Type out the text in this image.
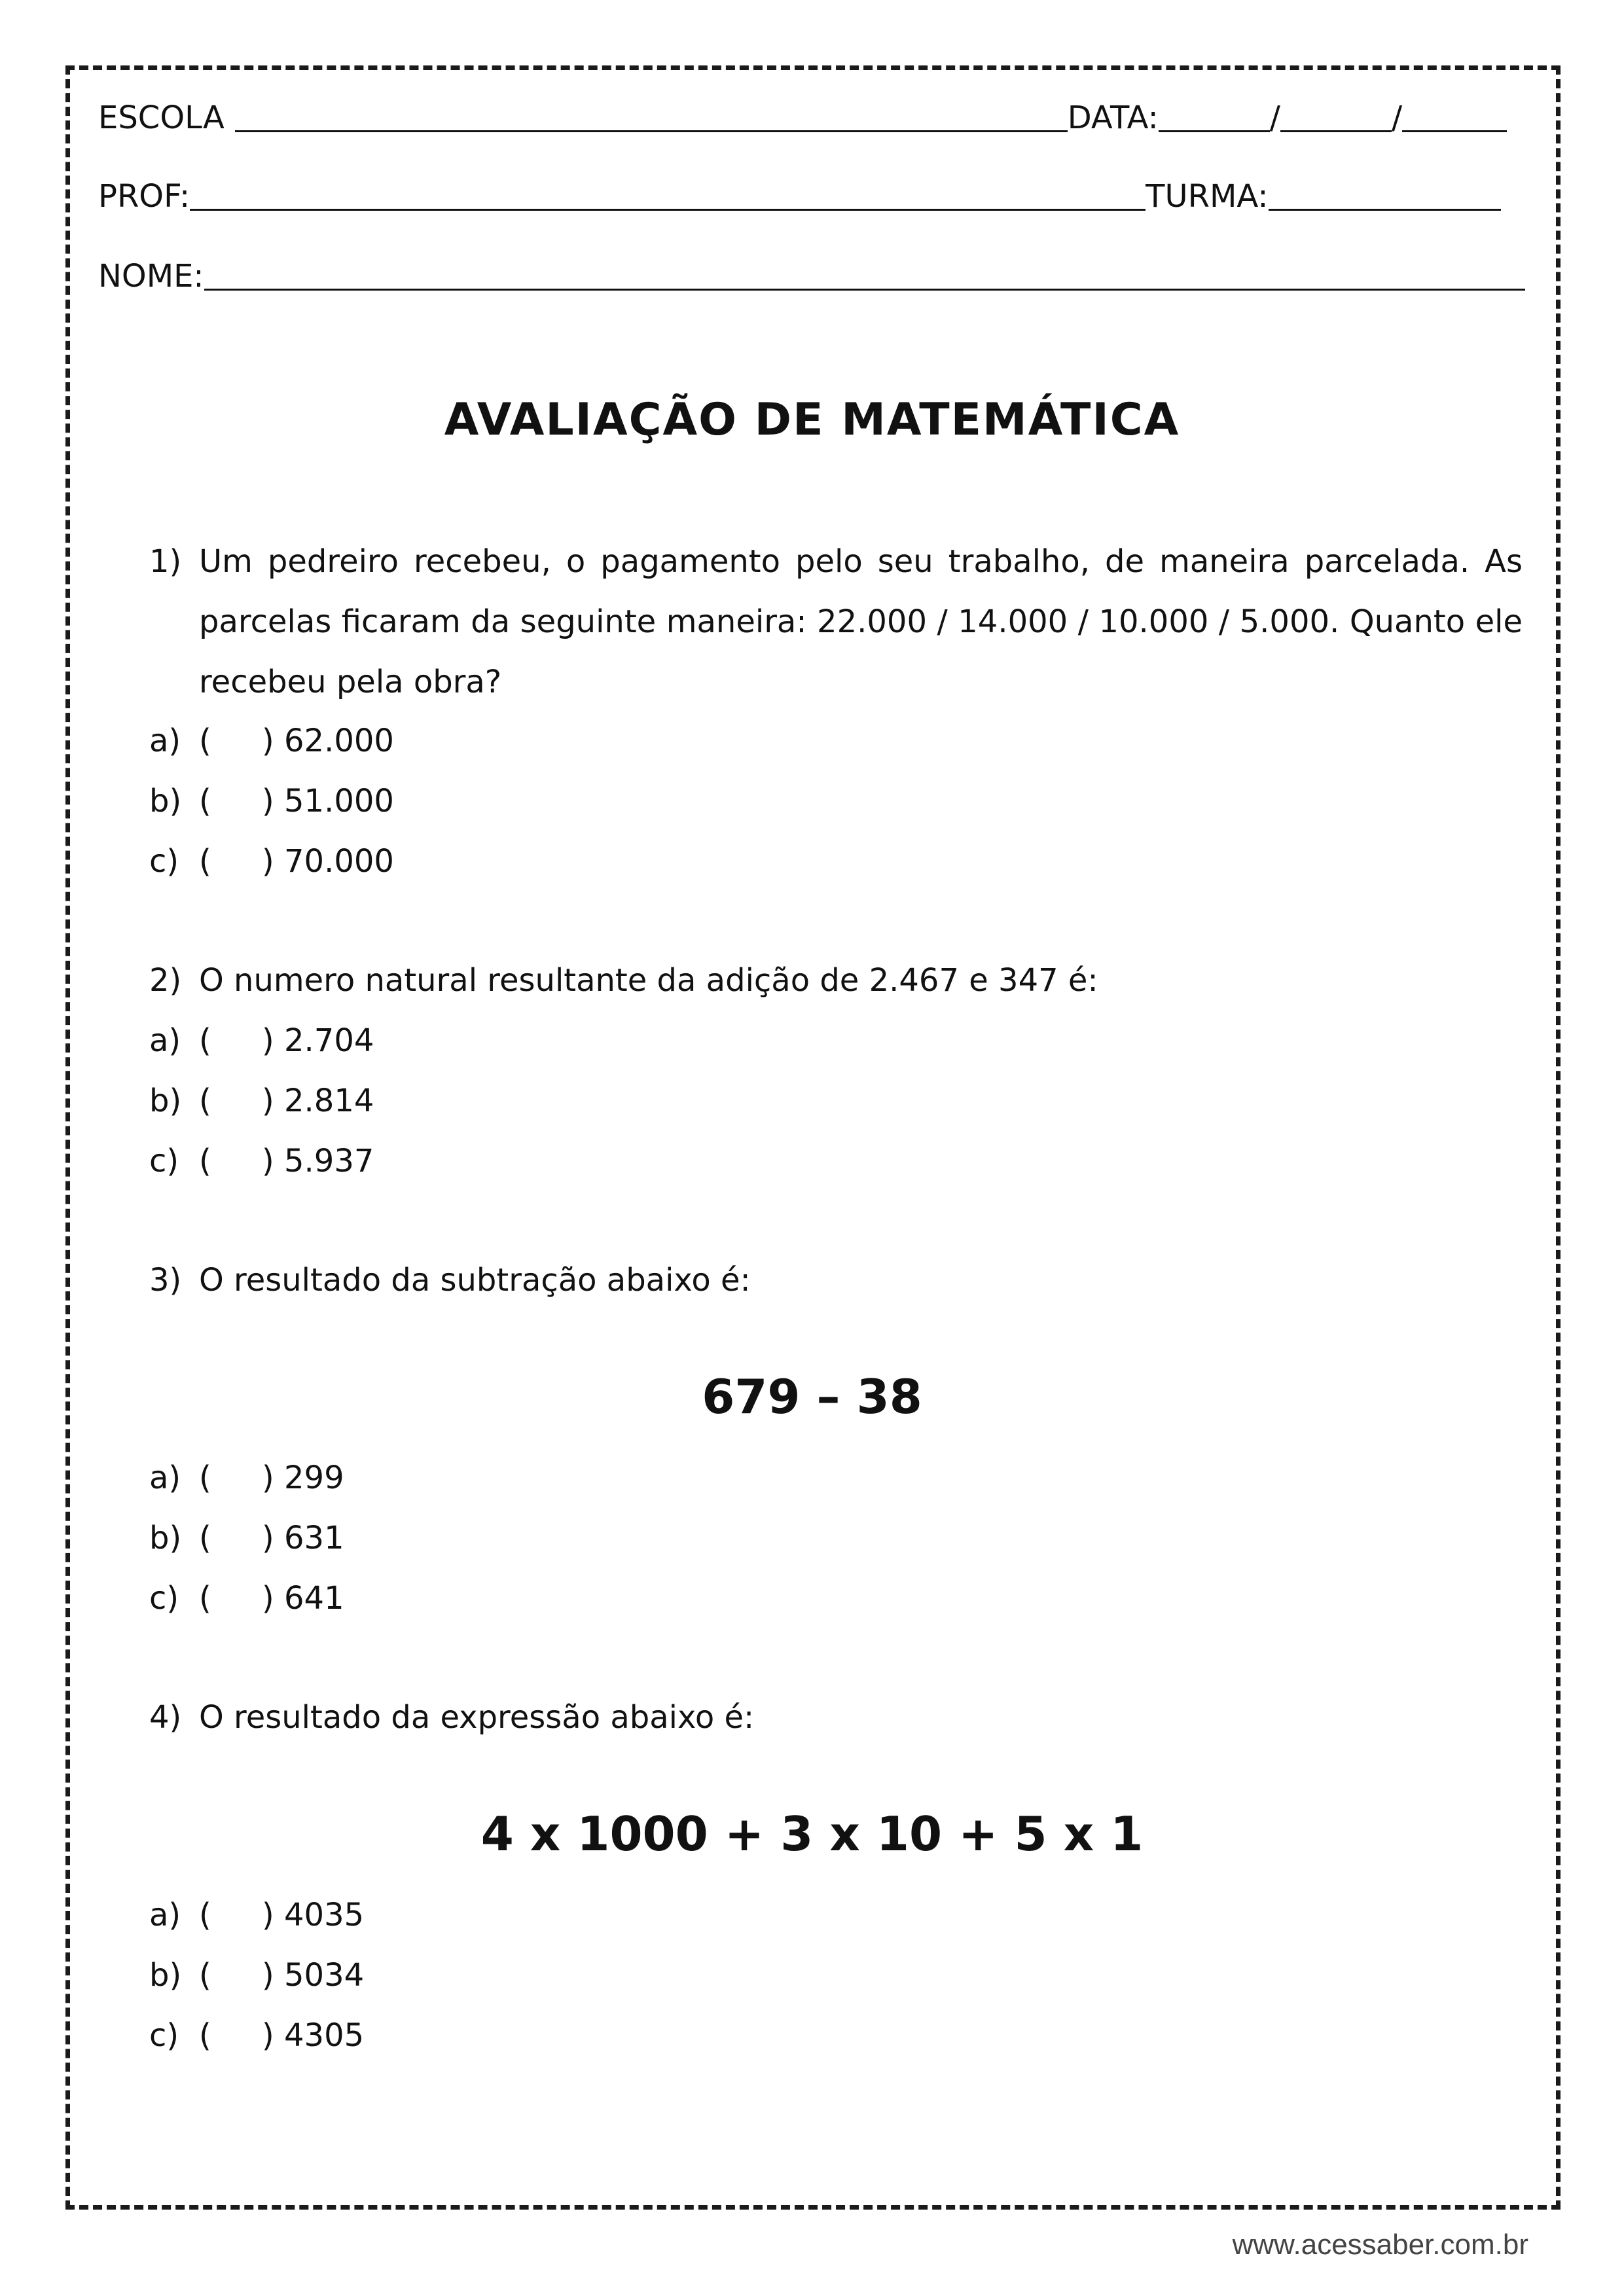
ESCOLA	DATA:	/	/
PROF:	TURMA:
NOME:
AVALIAÇÃO DE MATEMÁTICA
1) Um pedreiro recebeu, o pagamento pelo seu trabalho, de maneira parcelada. As parcelas ficaram da seguinte maneira: 22.000 / 14.000 / 10.000 / 5.000. Quanto ele recebeu pela obra?
a) ( ) 62.000
b) ( ) 51.000
c) ( ) 70.000
2) O numero natural resultante da adição de 2.467 e 347 é:
a) ( ) 2.704
b) ( ) 2.814
c) ( ) 5.937
3) O resultado da subtração abaixo é:
679 – 38
a) ( ) 299
b) ( ) 631
c) ( ) 641
4) O resultado da expressão abaixo é:
4 x 1000 + 3 x 10 + 5 x 1
a) ( ) 4035
b) ( ) 5034
c) ( ) 4305
www.acessaber.com.br
